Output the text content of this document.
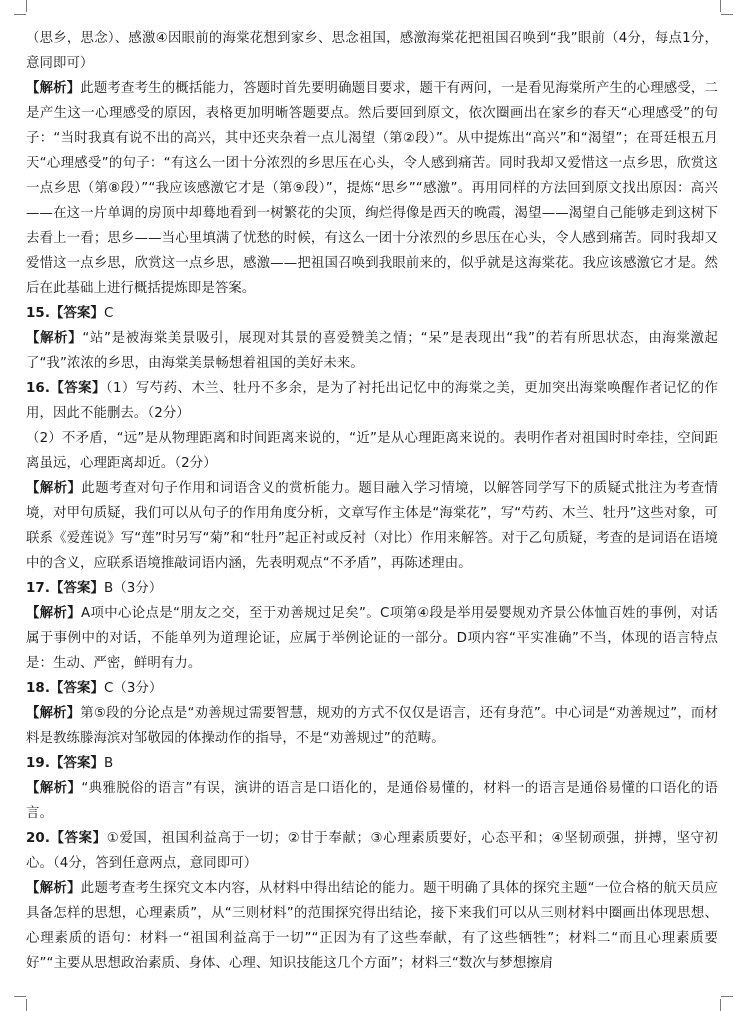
（思乡，思念）、感激④因眼前的海棠花想到家乡、思念祖国，感激海棠花把祖国召唤到“我”眼前（4分，每点1分，意同即可）

【解析】此题考查考生的概括能力，答题时首先要明确题目要求，题干有两问，一是看见海棠所产生的心理感受，二是产生这一心理感受的原因，表格更加明晰答题要点。然后要回到原文，依次圈画出在家乡的春天“心理感受”的句子：“当时我真有说不出的高兴，其中还夹杂着一点儿渴望（第②段）”。从中提炼出“高兴”和“渴望”；在哥廷根五月天“心理感受”的句子：“有这么一团十分浓烈的乡思压在心头，令人感到痛苦。同时我却又爱惜这一点乡思，欣赏这一点乡思（第⑧段）”“我应该感激它才是（第⑨段）”，提炼“思乡”“感激”。再用同样的方法回到原文找出原因：高兴——在这一片单调的房顶中却蓦地看到一树繁花的尖顶，绚烂得像是西天的晚霞，渴望——渴望自己能够走到这树下去看上一看；思乡——当心里填满了忧愁的时候，有这么一团十分浓烈的乡思压在心头，令人感到痛苦。同时我却又爱惜这一点乡思，欣赏这一点乡思，感激——把祖国召唤到我眼前来的，似乎就是这海棠花。我应该感激它才是。然后在此基础上进行概括提炼即是答案。

15.【答案】C

【解析】“站”是被海棠美景吸引，展现对其景的喜爱赞美之情；“呆”是表现出“我”的若有所思状态，由海棠激起了“我”浓浓的乡思，由海棠美景畅想着祖国的美好未来。

16.【答案】（1）写芍药、木兰、牡丹不多余，是为了衬托出记忆中的海棠之美，更加突出海棠唤醒作者记忆的作用，因此不能删去。（2分）

（2）不矛盾，“远”是从物理距离和时间距离来说的，“近”是从心理距离来说的。表明作者对祖国时时牵挂，空间距离虽远，心理距离却近。（2分）

【解析】此题考查对句子作用和词语含义的赏析能力。题目融入学习情境，以解答同学写下的质疑式批注为考查情境，对甲句质疑，我们可以从句子的作用角度分析，文章写作主体是“海棠花”，写“芍药、木兰、牡丹”这些对象，可联系《爱莲说》写“莲”时另写“菊”和“牡丹”起正衬或反衬（对比）作用来解答。对于乙句质疑，考查的是词语在语境中的含义，应联系语境推敲词语内涵，先表明观点“不矛盾”，再陈述理由。

17.【答案】B（3分）

【解析】A项中心论点是“朋友之交，至于劝善规过足矣”。C项第④段是举用晏婴规劝齐景公体恤百姓的事例，对话属于事例中的对话，不能单列为道理论证，应属于举例论证的一部分。D项内容“平实准确”不当，体现的语言特点是：生动、严密，鲜明有力。

18.【答案】C（3分）

【解析】第⑤段的分论点是“劝善规过需要智慧，规劝的方式不仅仅是语言，还有身范”。中心词是“劝善规过”，而材料是教练滕海滨对邹敬园的体操动作的指导，不是“劝善规过”的范畴。

19.【答案】B

【解析】“典雅脱俗的语言”有误，演讲的语言是口语化的，是通俗易懂的，材料一的语言是通俗易懂的口语化的语言。

20.【答案】①爱国，祖国利益高于一切；②甘于奉献；③心理素质要好，心态平和；④坚韧顽强，拼搏，坚守初心。（4分，答到任意两点，意同即可）

【解析】此题考查考生探究文本内容，从材料中得出结论的能力。题干明确了具体的探究主题“一位合格的航天员应具备怎样的思想，心理素质”，从“三则材料”的范围探究得出结论，接下来我们可以从三则材料中圈画出体现思想、心理素质的语句：材料一“祖国利益高于一切”“正因为有了这些奉献，有了这些牺牲”；材料二“而且心理素质要好”“主要从思想政治素质、身体、心理、知识技能这几个方面”；材料三“数次与梦想擦肩
